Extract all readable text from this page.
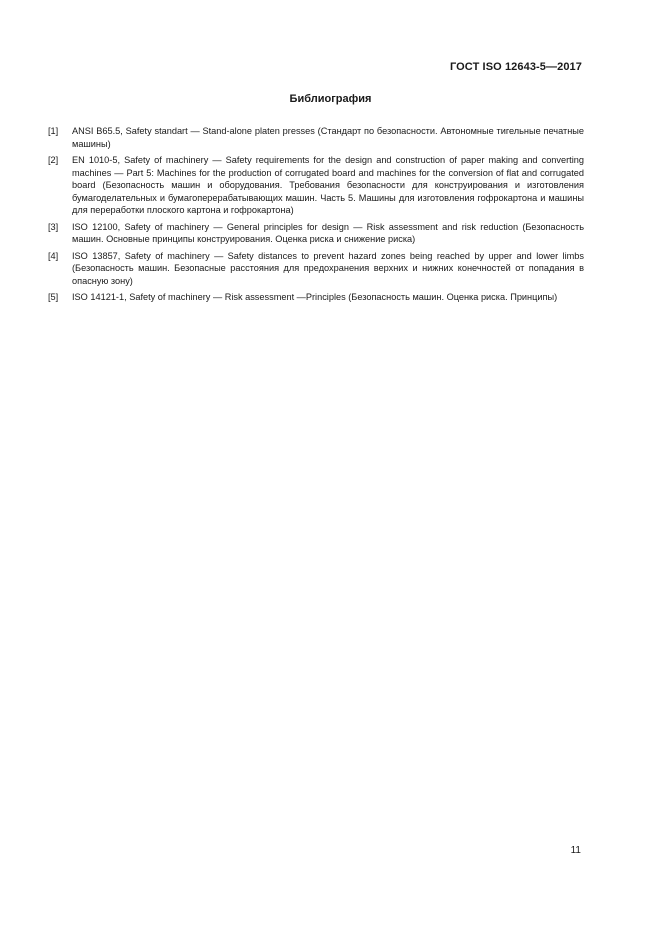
ГОСТ ISO 12643-5—2017
Библиография
[1] ANSI B65.5, Safety standart — Stand-alone platen presses (Стандарт по безопасности. Автономные тигельные печатные машины)
[2] EN 1010-5, Safety of machinery — Safety requirements for the design and construction of paper making and converting machines — Part 5: Machines for the production of corrugated board and machines for the conversion of flat and corrugated board (Безопасность машин и оборудования. Требования безопасности для конструирования и изготовления бумагоделательных и бумагоперерабатывающих машин. Часть 5. Машины для изготовления гофрокартона и машины для переработки плоского картона и гофрокартона)
[3] ISO 12100, Safety of machinery — General principles for design — Risk assessment and risk reduction (Безопасность машин. Основные принципы конструирования. Оценка риска и снижение риска)
[4] ISO 13857, Safety of machinery — Safety distances to prevent hazard zones being reached by upper and lower limbs (Безопасность машин. Безопасные расстояния для предохранения верхних и нижних конечностей от попадания в опасную зону)
[5] ISO 14121-1, Safety of machinery — Risk assessment —Principles (Безопасность машин. Оценка риска. Принципы)
11
